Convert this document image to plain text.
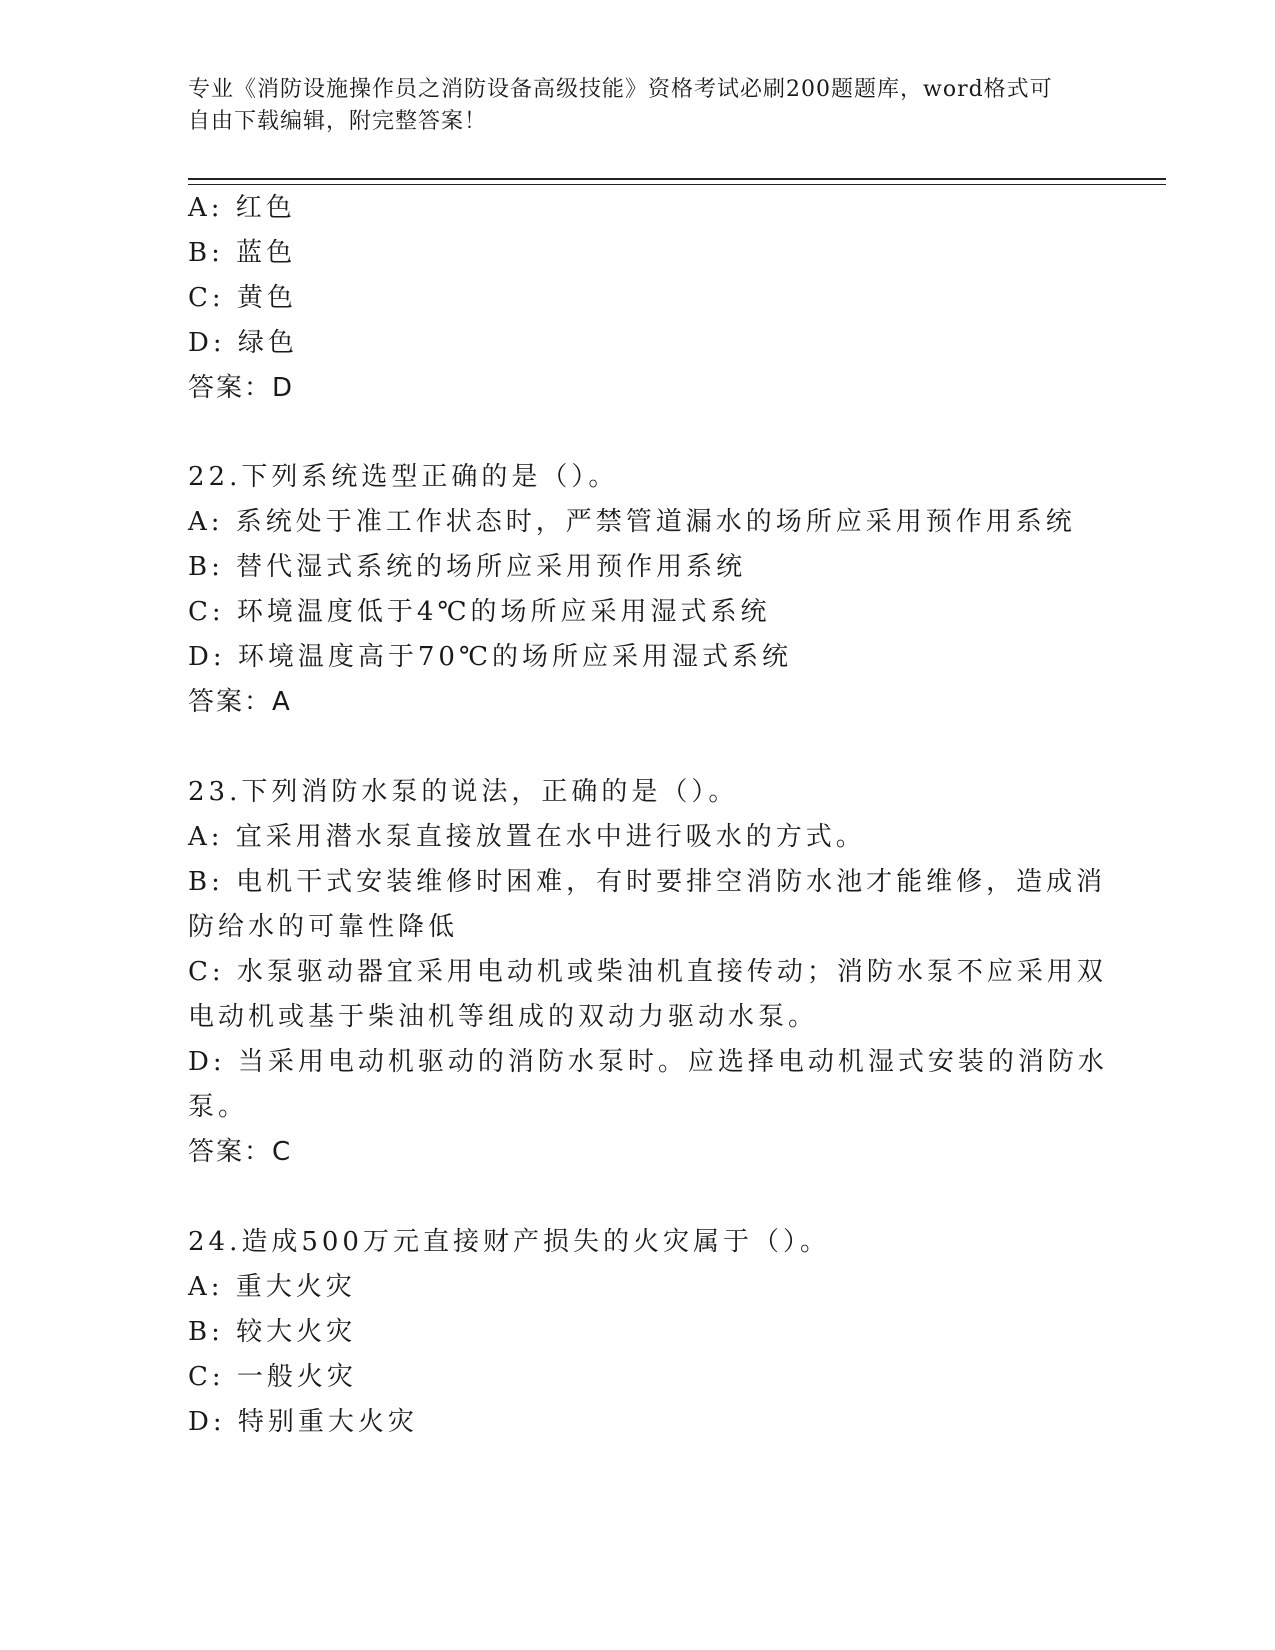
专业《消防设施操作员之消防设备高级技能》资格考试必刷200题题库，word格式可自由下载编辑，附完整答案！
A: 红色
B: 蓝色
C: 黄色
D: 绿色
答案：D
22.下列系统选型正确的是（）。
A: 系统处于准工作状态时，严禁管道漏水的场所应采用预作用系统
B: 替代湿式系统的场所应采用预作用系统
C: 环境温度低于4℃的场所应采用湿式系统
D: 环境温度高于70℃的场所应采用湿式系统
答案：A
23.下列消防水泵的说法，正确的是（）。
A: 宜采用潜水泵直接放置在水中进行吸水的方式。
B: 电机干式安装维修时困难，有时要排空消防水池才能维修，造成消
防给水的可靠性降低
C: 水泵驱动器宜采用电动机或柴油机直接传动；消防水泵不应采用双
电动机或基于柴油机等组成的双动力驱动水泵。
D: 当采用电动机驱动的消防水泵时。应选择电动机湿式安装的消防水
泵。
答案：C
24.造成500万元直接财产损失的火灾属于（）。
A: 重大火灾
B: 较大火灾
C: 一般火灾
D: 特别重大火灾
